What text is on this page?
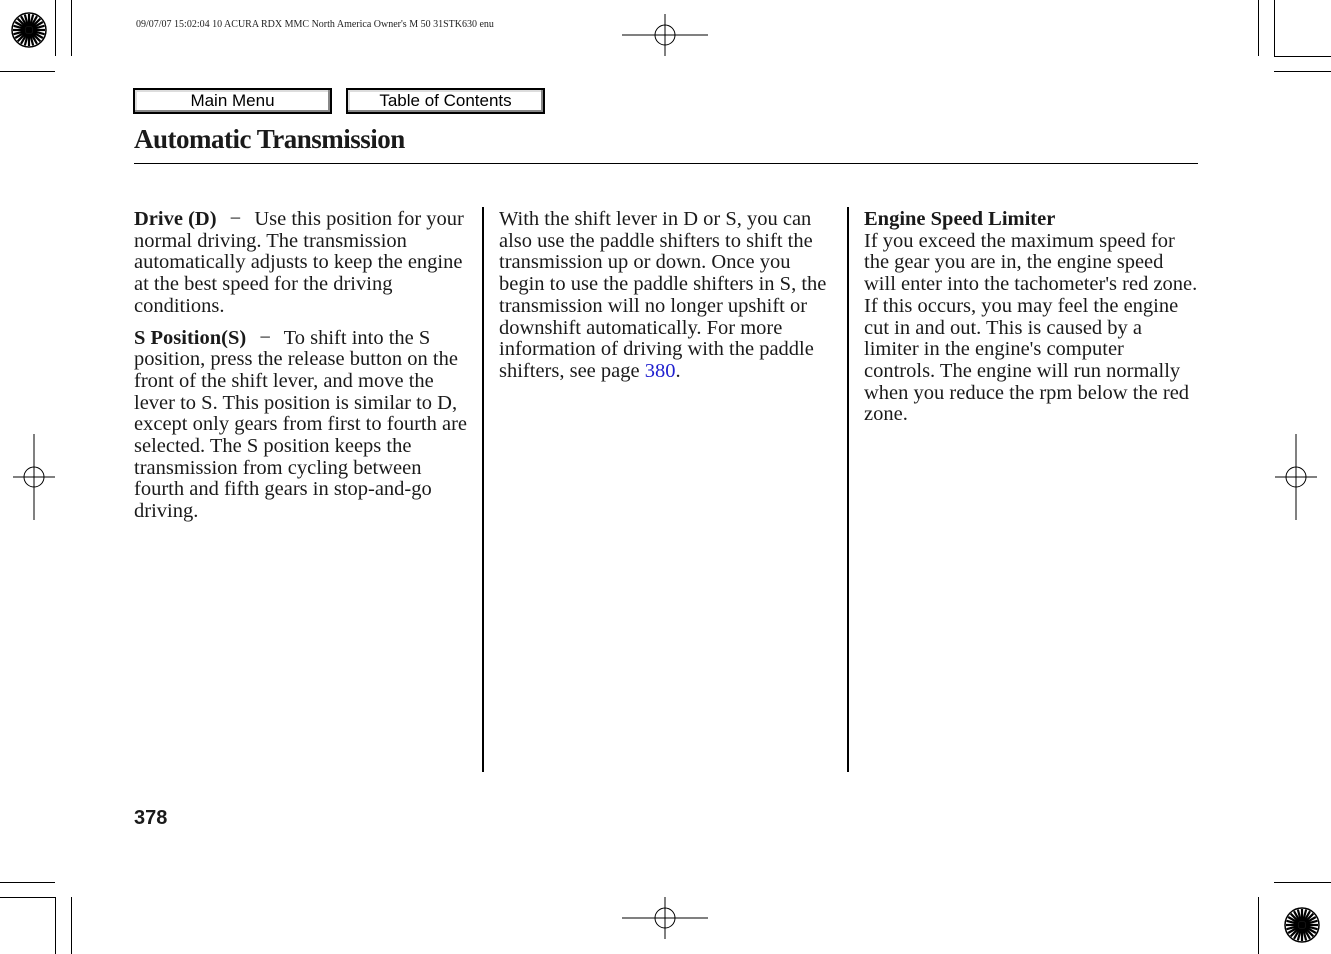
09/07/07 15:02:04 10 ACURA RDX MMC North America Owner's M 50 31STK630 enu
Main Menu	Table of Contents
Automatic Transmission

Drive (D) − Use this position for your normal driving. The transmission automatically adjusts to keep the engine at the best speed for the driving conditions.

S Position(S) − To shift into the S position, press the release button on the front of the shift lever, and move the lever to S. This position is similar to D, except only gears from first to fourth are selected. The S position keeps the transmission from cycling between fourth and fifth gears in stop-and-go driving.

With the shift lever in D or S, you can also use the paddle shifters to shift the transmission up or down. Once you begin to use the paddle shifters in S, the transmission will no longer upshift or downshift automatically. For more information of driving with the paddle shifters, see page 380.

Engine Speed Limiter

If you exceed the maximum speed for the gear you are in, the engine speed will enter into the tachometer's red zone. If this occurs, you may feel the engine cut in and out. This is caused by a limiter in the engine's computer controls. The engine will run normally when you reduce the rpm below the red zone.

378
